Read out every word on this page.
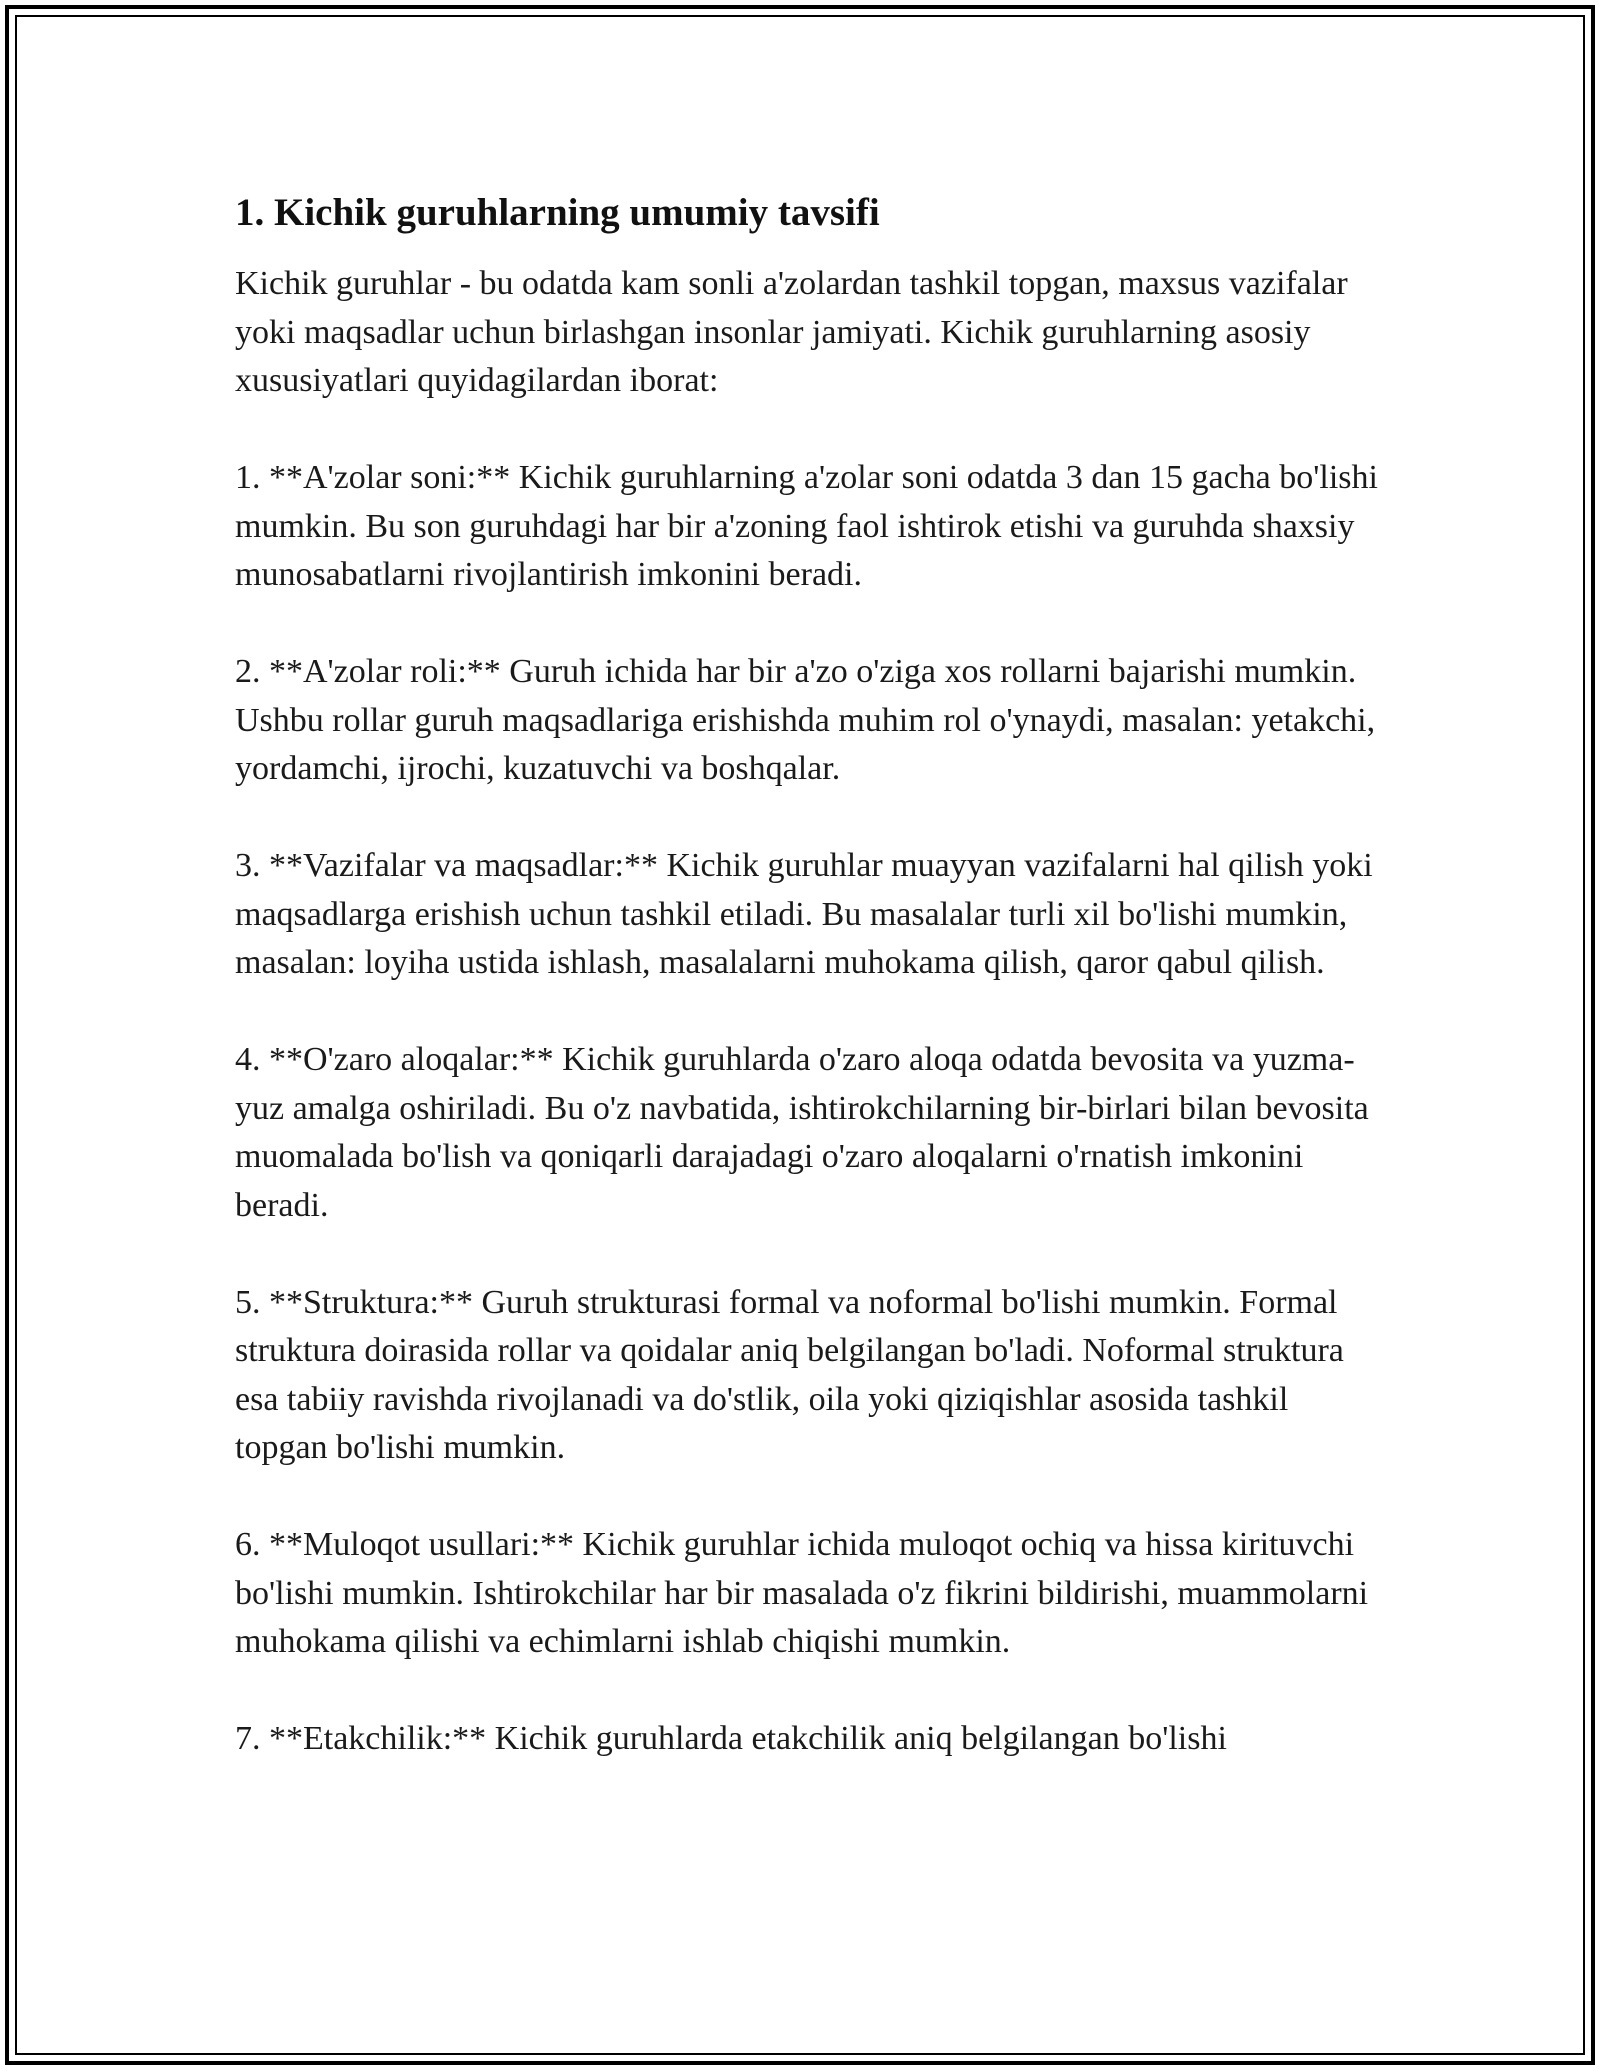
1. Kichik guruhlarning umumiy tavsifi

Kichik guruhlar - bu odatda kam sonli a'zolardan tashkil topgan, maxsus vazifalar yoki maqsadlar uchun birlashgan insonlar jamiyati. Kichik guruhlarning asosiy xususiyatlari quyidagilardan iborat:

1. **A'zolar soni:** Kichik guruhlarning a'zolar soni odatda 3 dan 15 gacha bo'lishi mumkin. Bu son guruhdagi har bir a'zoning faol ishtirok etishi va guruhda shaxsiy munosabatlarni rivojlantirish imkonini beradi.

2. **A'zolar roli:** Guruh ichida har bir a'zo o'ziga xos rollarni bajarishi mumkin. Ushbu rollar guruh maqsadlariga erishishda muhim rol o'ynaydi, masalan: yetakchi, yordamchi, ijrochi, kuzatuvchi va boshqalar.

3. **Vazifalar va maqsadlar:** Kichik guruhlar muayyan vazifalarni hal qilish yoki maqsadlarga erishish uchun tashkil etiladi. Bu masalalar turli xil bo'lishi mumkin, masalan: loyiha ustida ishlash, masalalarni muhokama qilish, qaror qabul qilish.

4. **O'zaro aloqalar:** Kichik guruhlarda o'zaro aloqa odatda bevosita va yuzma-yuz amalga oshiriladi. Bu o'z navbatida, ishtirokchilarning bir-birlari bilan bevosita muomalada bo'lish va qoniqarli darajadagi o'zaro aloqalarni o'rnatish imkonini beradi.

5. **Struktura:** Guruh strukturasi formal va noformal bo'lishi mumkin. Formal struktura doirasida rollar va qoidalar aniq belgilangan bo'ladi. Noformal struktura esa tabiiy ravishda rivojlanadi va do'stlik, oila yoki qiziqishlar asosida tashkil topgan bo'lishi mumkin.

6. **Muloqot usullari:** Kichik guruhlar ichida muloqot ochiq va hissa kirituvchi bo'lishi mumkin. Ishtirokchilar har bir masalada o'z fikrini bildirishi, muammolarni muhokama qilishi va echimlarni ishlab chiqishi mumkin.

7. **Etakchilik:** Kichik guruhlarda etakchilik aniq belgilangan bo'lishi
